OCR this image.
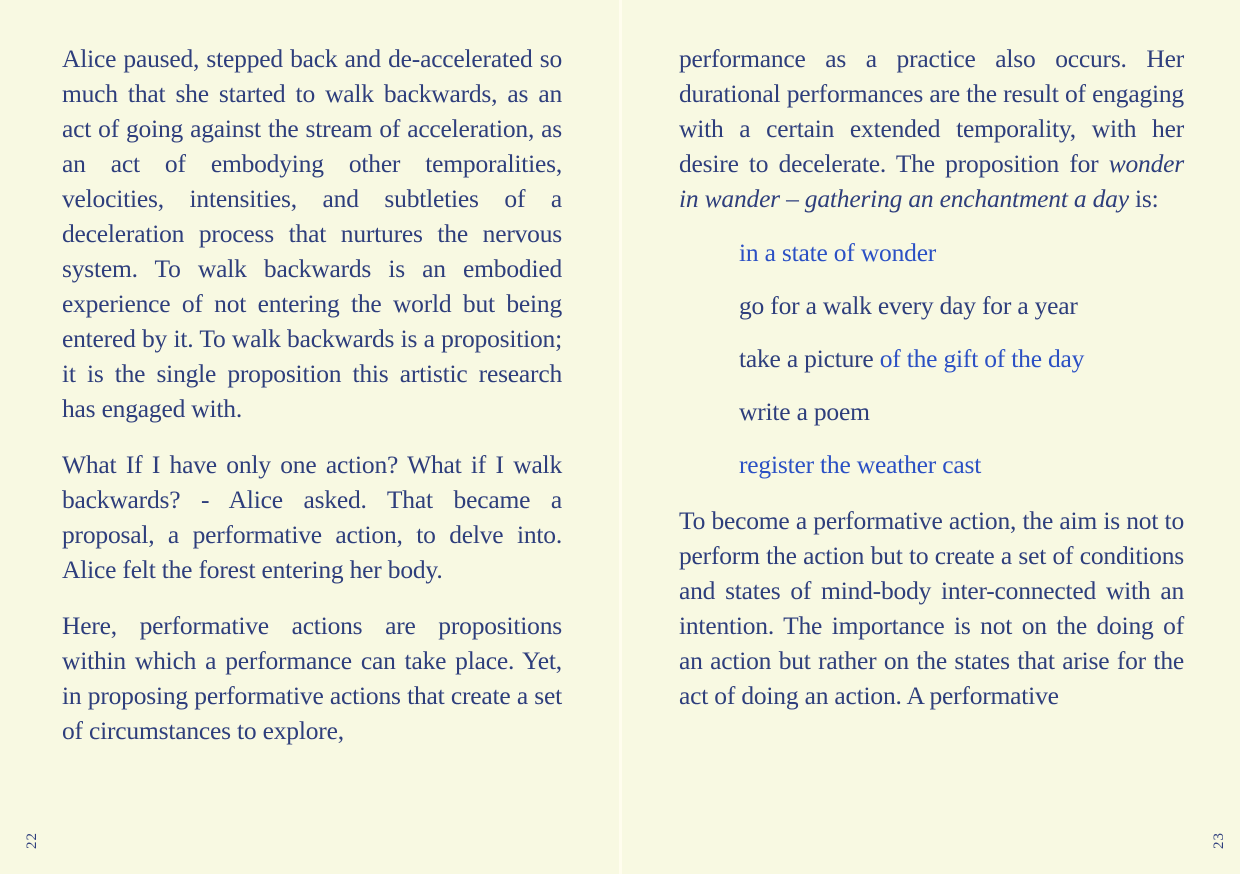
Alice paused, stepped back and de-accelerated so much that she started to walk backwards, as an act of going against the stream of acceleration, as an act of embodying other temporalities, velocities, intensities, and subtleties of a deceleration process that nurtures the nervous system. To walk backwards is an embodied experience of not entering the world but being entered by it. To walk backwards is a proposition; it is the single proposition this artistic research has engaged with.

What If I have only one action? What if I walk backwards? - Alice asked. That became a proposal, a performative action, to delve into. Alice felt the forest entering her body.

Here, performative actions are propositions within which a performance can take place. Yet, in proposing performative actions that create a set of circumstances to explore,

22

performance as a practice also occurs. Her durational performances are the result of engaging with a certain extended temporality, with her desire to decelerate. The proposition for wonder in wander – gathering an enchantment a day is:

in a state of wonder
go for a walk every day for a year
take a picture of the gift of the day
write a poem
register the weather cast

To become a performative action, the aim is not to perform the action but to create a set of conditions and states of mind-body inter-connected with an intention. The importance is not on the doing of an action but rather on the states that arise for the act of doing an action. A performative

23
